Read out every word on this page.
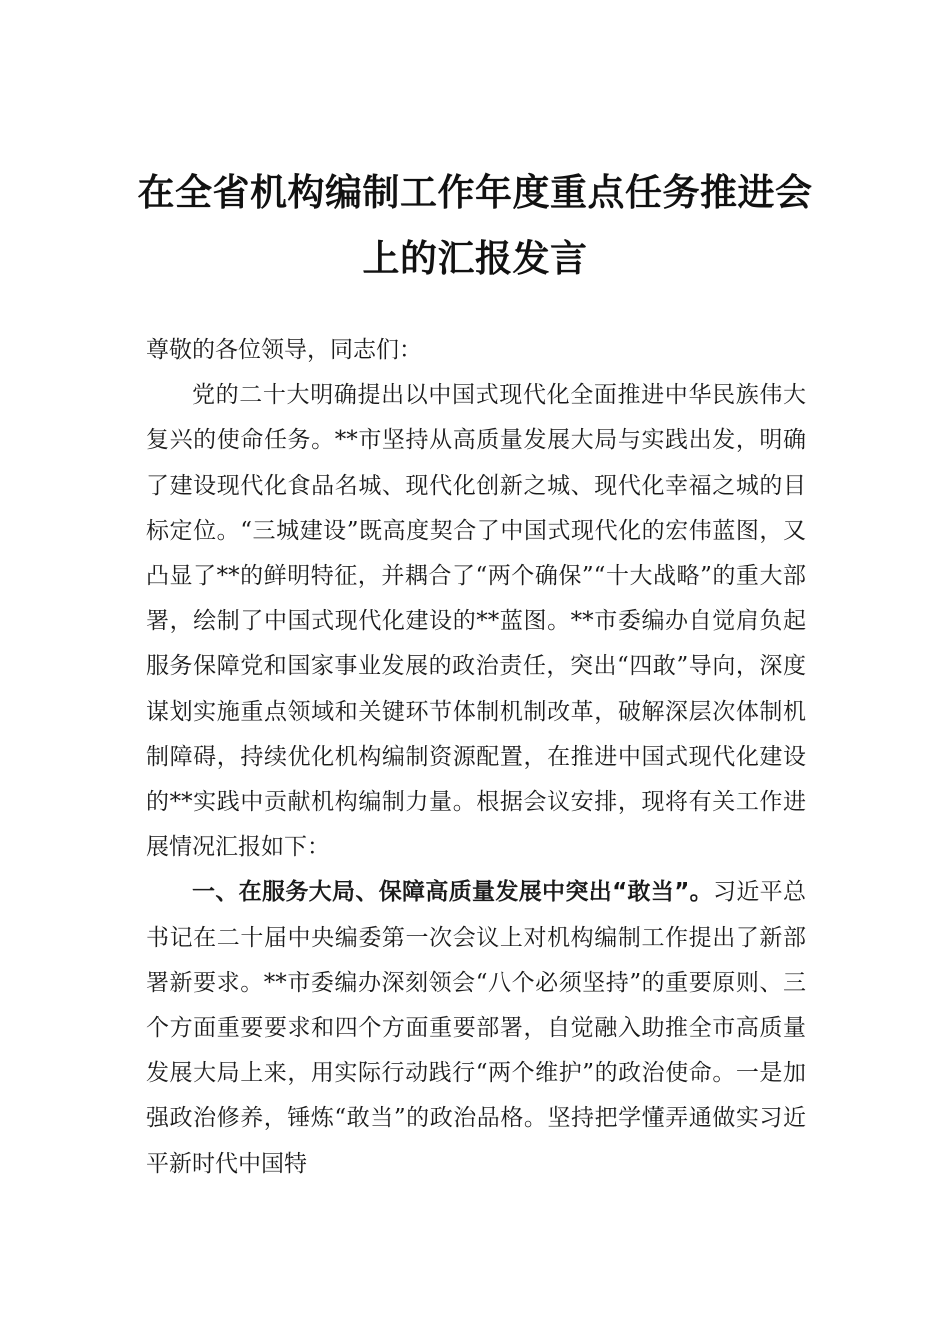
在全省机构编制工作年度重点任务推进会
上的汇报发言

尊敬的各位领导，同志们：

党的二十大明确提出以中国式现代化全面推进中华民族伟大复兴的使命任务。**市坚持从高质量发展大局与实践出发，明确了建设现代化食品名城、现代化创新之城、现代化幸福之城的目标定位。“三城建设”既高度契合了中国式现代化的宏伟蓝图，又凸显了**的鲜明特征，并耦合了“两个确保”“十大战略”的重大部署，绘制了中国式现代化建设的**蓝图。**市委编办自觉肩负起服务保障党和国家事业发展的政治责任，突出“四敢”导向，深度谋划实施重点领域和关键环节体制机制改革，破解深层次体制机制障碍，持续优化机构编制资源配置，在推进中国式现代化建设的**实践中贡献机构编制力量。根据会议安排，现将有关工作进展情况汇报如下：

一、在服务大局、保障高质量发展中突出“敢当”。习近平总书记在二十届中央编委第一次会议上对机构编制工作提出了新部署新要求。**市委编办深刻领会“八个必须坚持”的重要原则、三个方面重要要求和四个方面重要部署，自觉融入助推全市高质量发展大局上来，用实际行动践行“两个维护”的政治使命。一是加强政治修养，锤炼“敢当”的政治品格。坚持把学懂弄通做实习近平新时代中国特
